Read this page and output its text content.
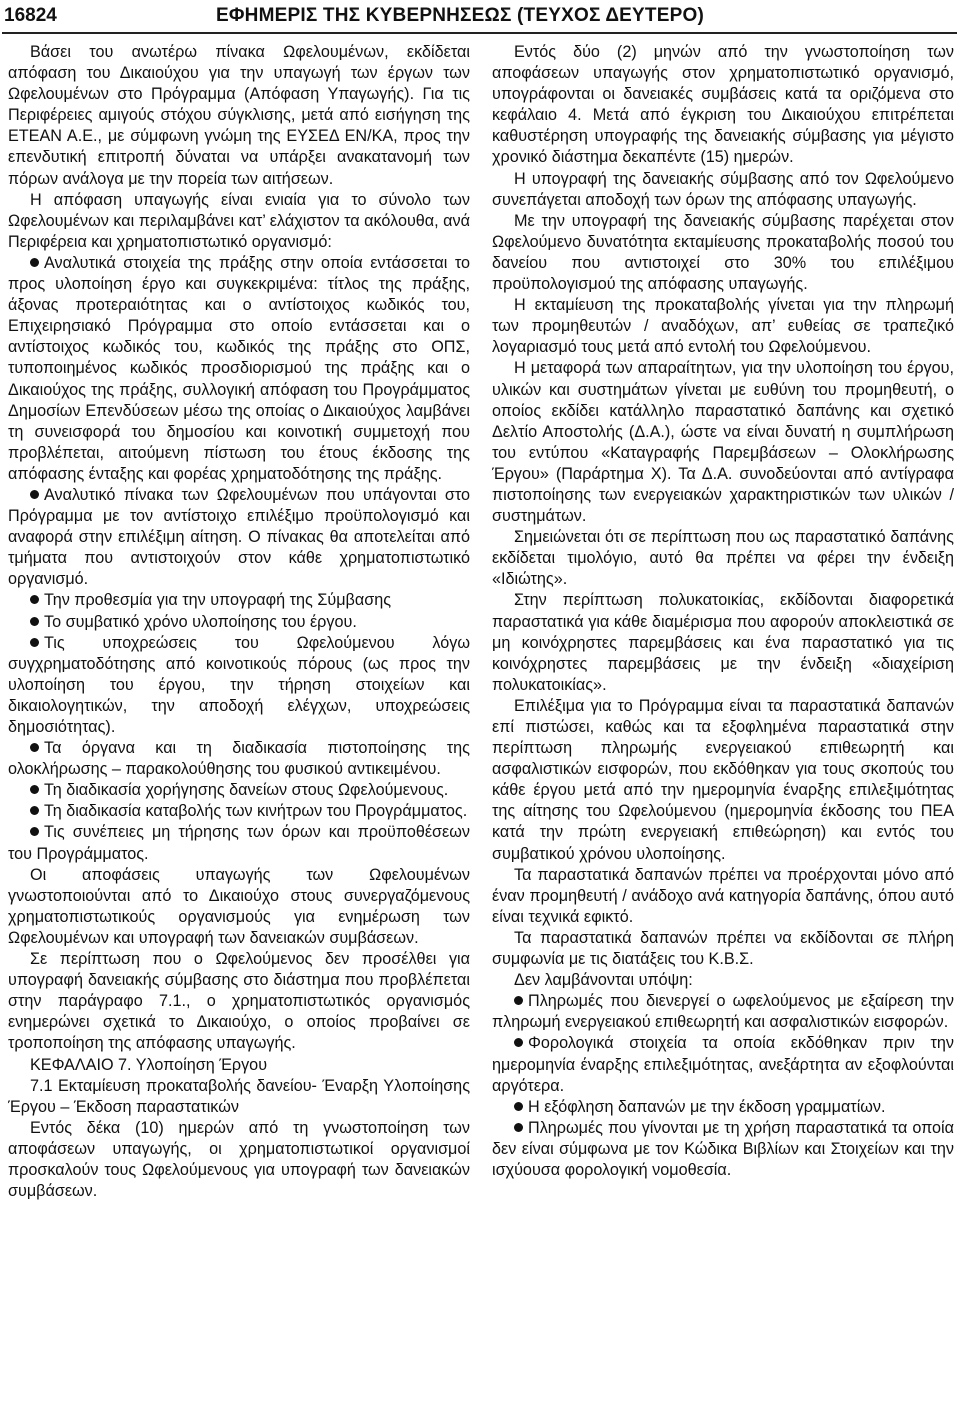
16824	ΕΦΗΜΕΡΙΣ ΤΗΣ ΚΥΒΕΡΝΗΣΕΩΣ (ΤΕΥΧΟΣ ΔΕΥΤΕΡΟ)

Βάσει του ανωτέρω πίνακα Ωφελουμένων, εκδίδεται απόφαση του Δικαιούχου για την υπαγωγή των έργων των Ωφελουμένων στο Πρόγραμμα (Απόφαση Υπαγωγής). Για τις Περιφέρειες αμιγούς στόχου σύγκλισης, μετά από εισήγηση της ΕΤΕΑΝ Α.Ε., με σύμφωνη γνώμη της ΕΥΣΕΔ ΕΝ/ΚΑ, προς την επενδυτική επιτροπή δύναται να υπάρξει ανακατανομή των πόρων ανάλογα με την πορεία των αιτήσεων.

Η απόφαση υπαγωγής είναι ενιαία για το σύνολο των Ωφελουμένων και περιλαμβάνει κατ’ ελάχιστον τα ακόλουθα, ανά Περιφέρεια και χρηματοπιστωτικό οργανισμό:

Αναλυτικά στοιχεία της πράξης στην οποία εντάσσεται το προς υλοποίηση έργο και συγκεκριμένα: τίτλος της πράξης, άξονας προτεραιότητας και ο αντίστοιχος κωδικός του, Επιχειρησιακό Πρόγραμμα στο οποίο εντάσσεται και ο αντίστοιχος κωδικός του, κωδικός της πράξης στο ΟΠΣ, τυποποιημένος κωδικός προσδιορισμού της πράξης και ο Δικαιούχος της πράξης, συλλογική απόφαση του Προγράμματος Δημοσίων Επενδύσεων μέσω της οποίας ο Δικαιούχος λαμβάνει τη συνεισφορά του δημοσίου και κοινοτική συμμετοχή που προβλέπεται, αιτούμενη πίστωση του έτους έκδοσης της απόφασης ένταξης και φορέας χρηματοδότησης της πράξης.

Αναλυτικό πίνακα των Ωφελουμένων που υπάγονται στο Πρόγραμμα με τον αντίστοιχο επιλέξιμο προϋπολογισμό και αναφορά στην επιλέξιμη αίτηση. Ο πίνακας θα αποτελείται από τμήματα που αντιστοιχούν στον κάθε χρηματοπιστωτικό οργανισμό.

Την προθεσμία για την υπογραφή της Σύμβασης

Το συμβατικό χρόνο υλοποίησης του έργου.

Τις υποχρεώσεις του Ωφελούμενου λόγω συγχρηματοδότησης από κοινοτικούς πόρους (ως προς την υλοποίηση του έργου, την τήρηση στοιχείων και δικαιολογητικών, την αποδοχή ελέγχων, υποχρεώσεις δημοσιότητας).

Τα όργανα και τη διαδικασία πιστοποίησης της ολοκλήρωσης – παρακολούθησης του φυσικού αντικειμένου.

Τη διαδικασία χορήγησης δανείων στους Ωφελούμενους.

Τη διαδικασία καταβολής των κινήτρων του Προγράμματος.

Τις συνέπειες μη τήρησης των όρων και προϋποθέσεων του Προγράμματος.

Οι αποφάσεις υπαγωγής των Ωφελουμένων γνωστοποιούνται από το Δικαιούχο στους συνεργαζόμενους χρηματοπιστωτικούς οργανισμούς για ενημέρωση των Ωφελουμένων και υπογραφή των δανειακών συμβάσεων.

Σε περίπτωση που ο Ωφελούμενος δεν προσέλθει για υπογραφή δανειακής σύμβασης στο διάστημα που προβλέπεται στην παράγραφο 7.1., ο χρηματοπιστωτικός οργανισμός ενημερώνει σχετικά το Δικαιούχο, ο οποίος προβαίνει σε τροποποίηση της απόφασης υπαγωγής.

ΚΕΦΑΛΑΙΟ 7. Υλοποίηση Έργου

7.1 Εκταμίευση προκαταβολής δανείου- Έναρξη Υλοποίησης Έργου – Έκδοση παραστατικών

Εντός δέκα (10) ημερών από τη γνωστοποίηση των αποφάσεων υπαγωγής, οι χρηματοπιστωτικοί οργανισμοί προσκαλούν τους Ωφελούμενους για υπογραφή των δανειακών συμβάσεων.

Εντός δύο (2) μηνών από την γνωστοποίηση των αποφάσεων υπαγωγής στον χρηματοπιστωτικό οργανισμό, υπογράφονται οι δανειακές συμβάσεις κατά τα οριζόμενα στο κεφάλαιο 4. Μετά από έγκριση του Δικαιούχου επιτρέπεται καθυστέρηση υπογραφής της δανειακής σύμβασης για μέγιστο χρονικό διάστημα δεκαπέντε (15) ημερών.

Η υπογραφή της δανειακής σύμβασης από τον Ωφελούμενο συνεπάγεται αποδοχή των όρων της απόφασης υπαγωγής.

Με την υπογραφή της δανειακής σύμβασης παρέχεται στον Ωφελούμενο δυνατότητα εκταμίευσης προκαταβολής ποσού του δανείου που αντιστοιχεί στο 30% του επιλέξιμου προϋπολογισμού της απόφασης υπαγωγής.

Η εκταμίευση της προκαταβολής γίνεται για την πληρωμή των προμηθευτών / αναδόχων, απ’ ευθείας σε τραπεζικό λογαριασμό τους μετά από εντολή του Ωφελούμενου.

Η μεταφορά των απαραίτητων, για την υλοποίηση του έργου, υλικών και συστημάτων γίνεται με ευθύνη του προμηθευτή, ο οποίος εκδίδει κατάλληλο παραστατικό δαπάνης και σχετικό Δελτίο Αποστολής (Δ.Α.), ώστε να είναι δυνατή η συμπλήρωση του εντύπου «Καταγραφής Παρεμβάσεων – Ολοκλήρωσης Έργου» (Παράρτημα Χ). Τα Δ.Α. συνοδεύονται από αντίγραφα πιστοποίησης των ενεργειακών χαρακτηριστικών των υλικών /συστημάτων.

Σημειώνεται ότι σε περίπτωση που ως παραστατικό δαπάνης εκδίδεται τιμολόγιο, αυτό θα πρέπει να φέρει την ένδειξη «Ιδιώτης».

Στην περίπτωση πολυκατοικίας, εκδίδονται διαφορετικά παραστατικά για κάθε διαμέρισμα που αφορούν αποκλειστικά σε μη κοινόχρηστες παρεμβάσεις και ένα παραστατικό για τις κοινόχρηστες παρεμβάσεις με την ένδειξη «διαχείριση πολυκατοικίας».

Επιλέξιμα για το Πρόγραμμα είναι τα παραστατικά δαπανών επί πιστώσει, καθώς και τα εξοφλημένα παραστατικά στην περίπτωση πληρωμής ενεργειακού επιθεωρητή και ασφαλιστικών εισφορών, που εκδόθηκαν για τους σκοπούς του κάθε έργου μετά από την ημερομηνία έναρξης επιλεξιμότητας της αίτησης του Ωφελούμενου (ημερομηνία έκδοσης του ΠΕΑ κατά την πρώτη ενεργειακή επιθεώρηση) και εντός του συμβατικού χρόνου υλοποίησης.

Τα παραστατικά δαπανών πρέπει να προέρχονται μόνο από έναν προμηθευτή / ανάδοχο ανά κατηγορία δαπάνης, όπου αυτό είναι τεχνικά εφικτό.

Τα παραστατικά δαπανών πρέπει να εκδίδονται σε πλήρη συμφωνία με τις διατάξεις του Κ.Β.Σ.

Δεν λαμβάνονται υπόψη:

Πληρωμές που διενεργεί ο ωφελούμενος με εξαίρεση την πληρωμή ενεργειακού επιθεωρητή και ασφαλιστικών εισφορών.

Φορολογικά στοιχεία τα οποία εκδόθηκαν πριν την ημερομηνία έναρξης επιλεξιμότητας, ανεξάρτητα αν εξοφλούνται αργότερα.

Η εξόφληση δαπανών με την έκδοση γραμματίων.

Πληρωμές που γίνονται με τη χρήση παραστατικά τα οποία δεν είναι σύμφωνα με τον Κώδικα Βιβλίων και Στοιχείων και την ισχύουσα φορολογική νομοθεσία.
